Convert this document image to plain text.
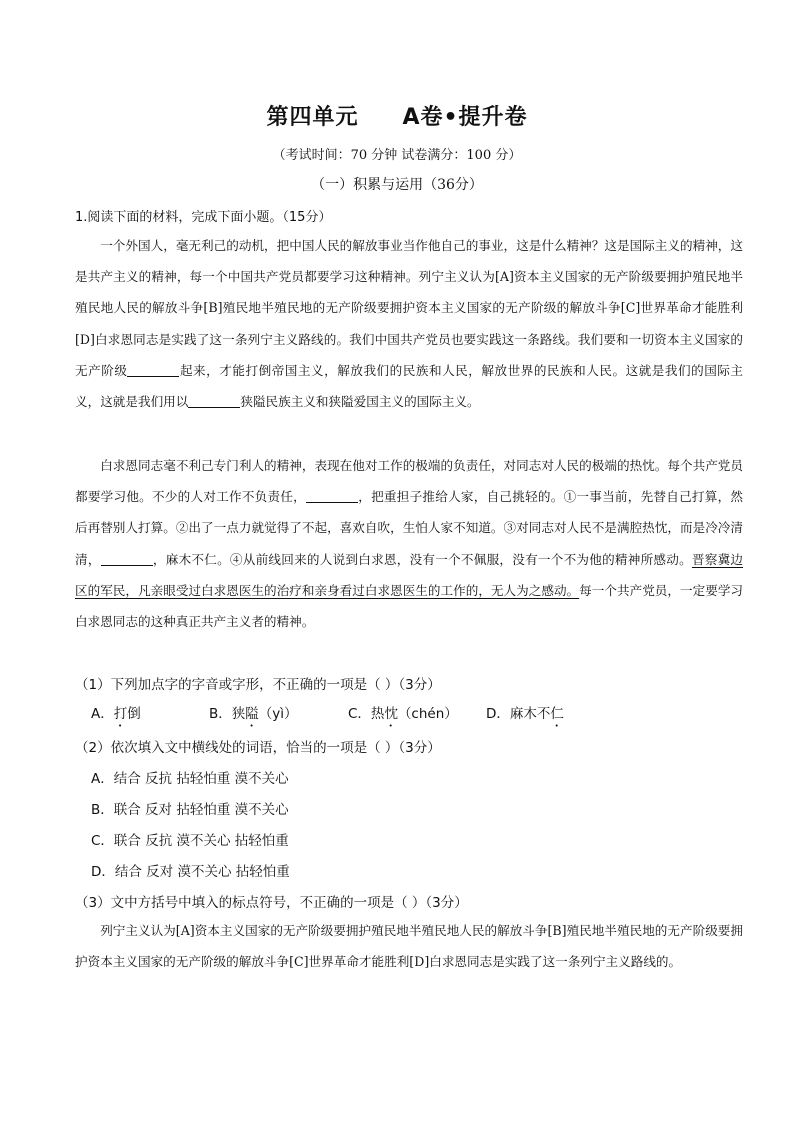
第四单元 A卷•提升卷
（考试时间：70 分钟 试卷满分：100 分）
（一）积累与运用（36分）
1.阅读下面的材料，完成下面小题。（15分）

一个外国人，毫无利己的动机，把中国人民的解放事业当作他自己的事业，这是什么精神？这是国际主义的精神，这是共产主义的精神，每一个中国共产党员都要学习这种精神。列宁主义认为[A]资本主义国家的无产阶级要拥护殖民地半殖民地人民的解放斗争[B]殖民地半殖民地的无产阶级要拥护资本主义国家的无产阶级的解放斗争[C]世界革命才能胜利[D]白求恩同志是实践了这一条列宁主义路线的。我们中国共产党员也要实践这一条路线。我们要和一切资本主义国家的无产阶级	起来，才能打倒帝国主义，解放我们的民族和人民，解放世界的民族和人民。这就是我们的国际主义，这就是我们用以	狭隘民族主义和狭隘爱国主义的国际主义。

白求恩同志毫不利己专门利人的精神，表现在他对工作的极端的负责任，对同志对人民的极端的热忱。每个共产党员都要学习他。不少的人对工作不负责任，	，把重担子推给人家，自己挑轻的。①一事当前，先替自己打算，然后再替别人打算。②出了一点力就觉得了不起，喜欢自吹，生怕人家不知道。③对同志对人民不是满腔热忱，而是冷冷清清，	，麻木不仁。④从前线回来的人说到白求恩，没有一个不佩服，没有一个不为他的精神所感动。晋察冀边区的军民，凡亲眼受过白求恩医生的治疗和亲身看过白求恩医生的工作的，无人为之感动。每一个共产党员，一定要学习白求恩同志的这种真正共产主义者的精神。

（1）下列加点字的字音或字形，不正确的一项是（ ）（3分）
A．打倒	B．狭隘（yì）	C．热忱（chén） D．麻木不仁
（2）依次填入文中横线处的词语，恰当的一项是（ ）（3分）
A．结合 反抗 拈轻怕重 漠不关心
B．联合 反对 拈轻怕重 漠不关心
C．联合 反抗 漠不关心 拈轻怕重
D．结合 反对 漠不关心 拈轻怕重
（3）文中方括号中填入的标点符号，不正确的一项是（ ）（3分）

列宁主义认为[A]资本主义国家的无产阶级要拥护殖民地半殖民地人民的解放斗争[B]殖民地半殖民地的无产阶级要拥护资本主义国家的无产阶级的解放斗争[C]世界革命才能胜利[D]白求恩同志是实践了这一条列宁主义路线的。
